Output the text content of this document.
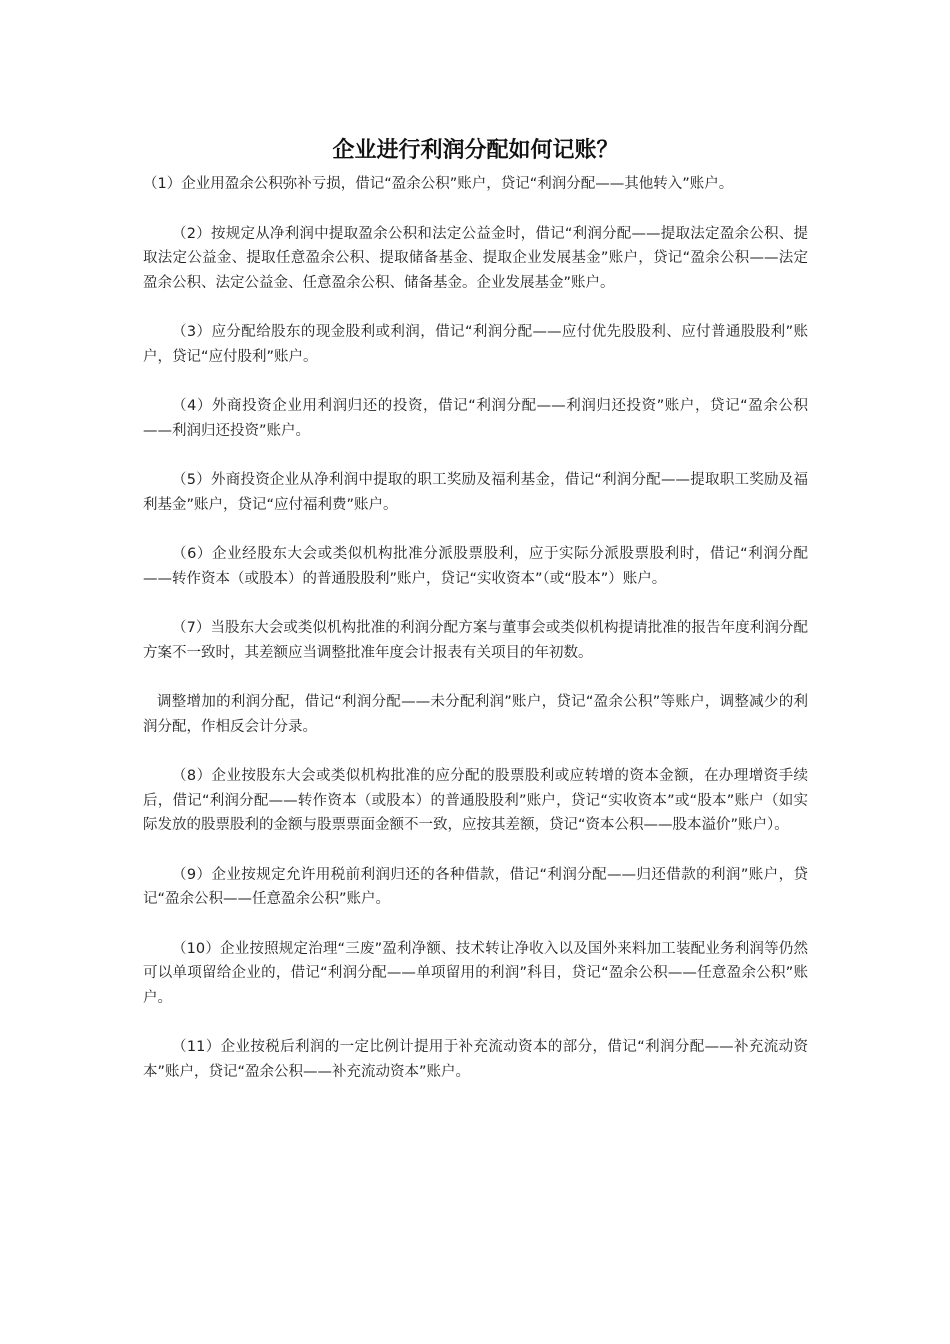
企业进行利润分配如何记账？

（1）企业用盈余公积弥补亏损，借记“盈余公积”账户，贷记“利润分配——其他转入”账户。

（2）按规定从净利润中提取盈余公积和法定公益金时，借记“利润分配——提取法定盈余公积、提取法定公益金、提取任意盈余公积、提取储备基金、提取企业发展基金”账户，贷记“盈余公积——法定盈余公积、法定公益金、任意盈余公积、储备基金。企业发展基金”账户。

（3）应分配给股东的现金股利或利润，借记“利润分配——应付优先股股利、应付普通股股利”账户，贷记“应付股利”账户。

（4）外商投资企业用利润归还的投资，借记“利润分配——利润归还投资”账户，贷记“盈余公积——利润归还投资”账户。

（5）外商投资企业从净利润中提取的职工奖励及福利基金，借记“利润分配——提取职工奖励及福利基金”账户，贷记“应付福利费”账户。

（6）企业经股东大会或类似机构批准分派股票股利，应于实际分派股票股利时，借记“利润分配——转作资本（或股本）的普通股股利”账户，贷记“实收资本”（或“股本”）账户。

（7）当股东大会或类似机构批准的利润分配方案与董事会或类似机构提请批准的报告年度利润分配方案不一致时，其差额应当调整批准年度会计报表有关项目的年初数。

调整增加的利润分配，借记“利润分配——未分配利润”账户，贷记“盈余公积”等账户，调整减少的利润分配，作相反会计分录。

（8）企业按股东大会或类似机构批准的应分配的股票股利或应转增的资本金额，在办理增资手续后，借记“利润分配——转作资本（或股本）的普通股股利”账户，贷记“实收资本”或“股本”账户（如实际发放的股票股利的金额与股票票面金额不一致，应按其差额，贷记“资本公积——股本溢价”账户）。

（9）企业按规定允许用税前利润归还的各种借款，借记“利润分配——归还借款的利润”账户，贷记“盈余公积——任意盈余公积”账户。

（10）企业按照规定治理“三废”盈利净额、技术转让净收入以及国外来料加工装配业务利润等仍然可以单项留给企业的，借记“利润分配——单项留用的利润”科目，贷记“盈余公积——任意盈余公积”账户。

（11）企业按税后利润的一定比例计提用于补充流动资本的部分，借记“利润分配——补充流动资本”账户，贷记“盈余公积——补充流动资本”账户。
